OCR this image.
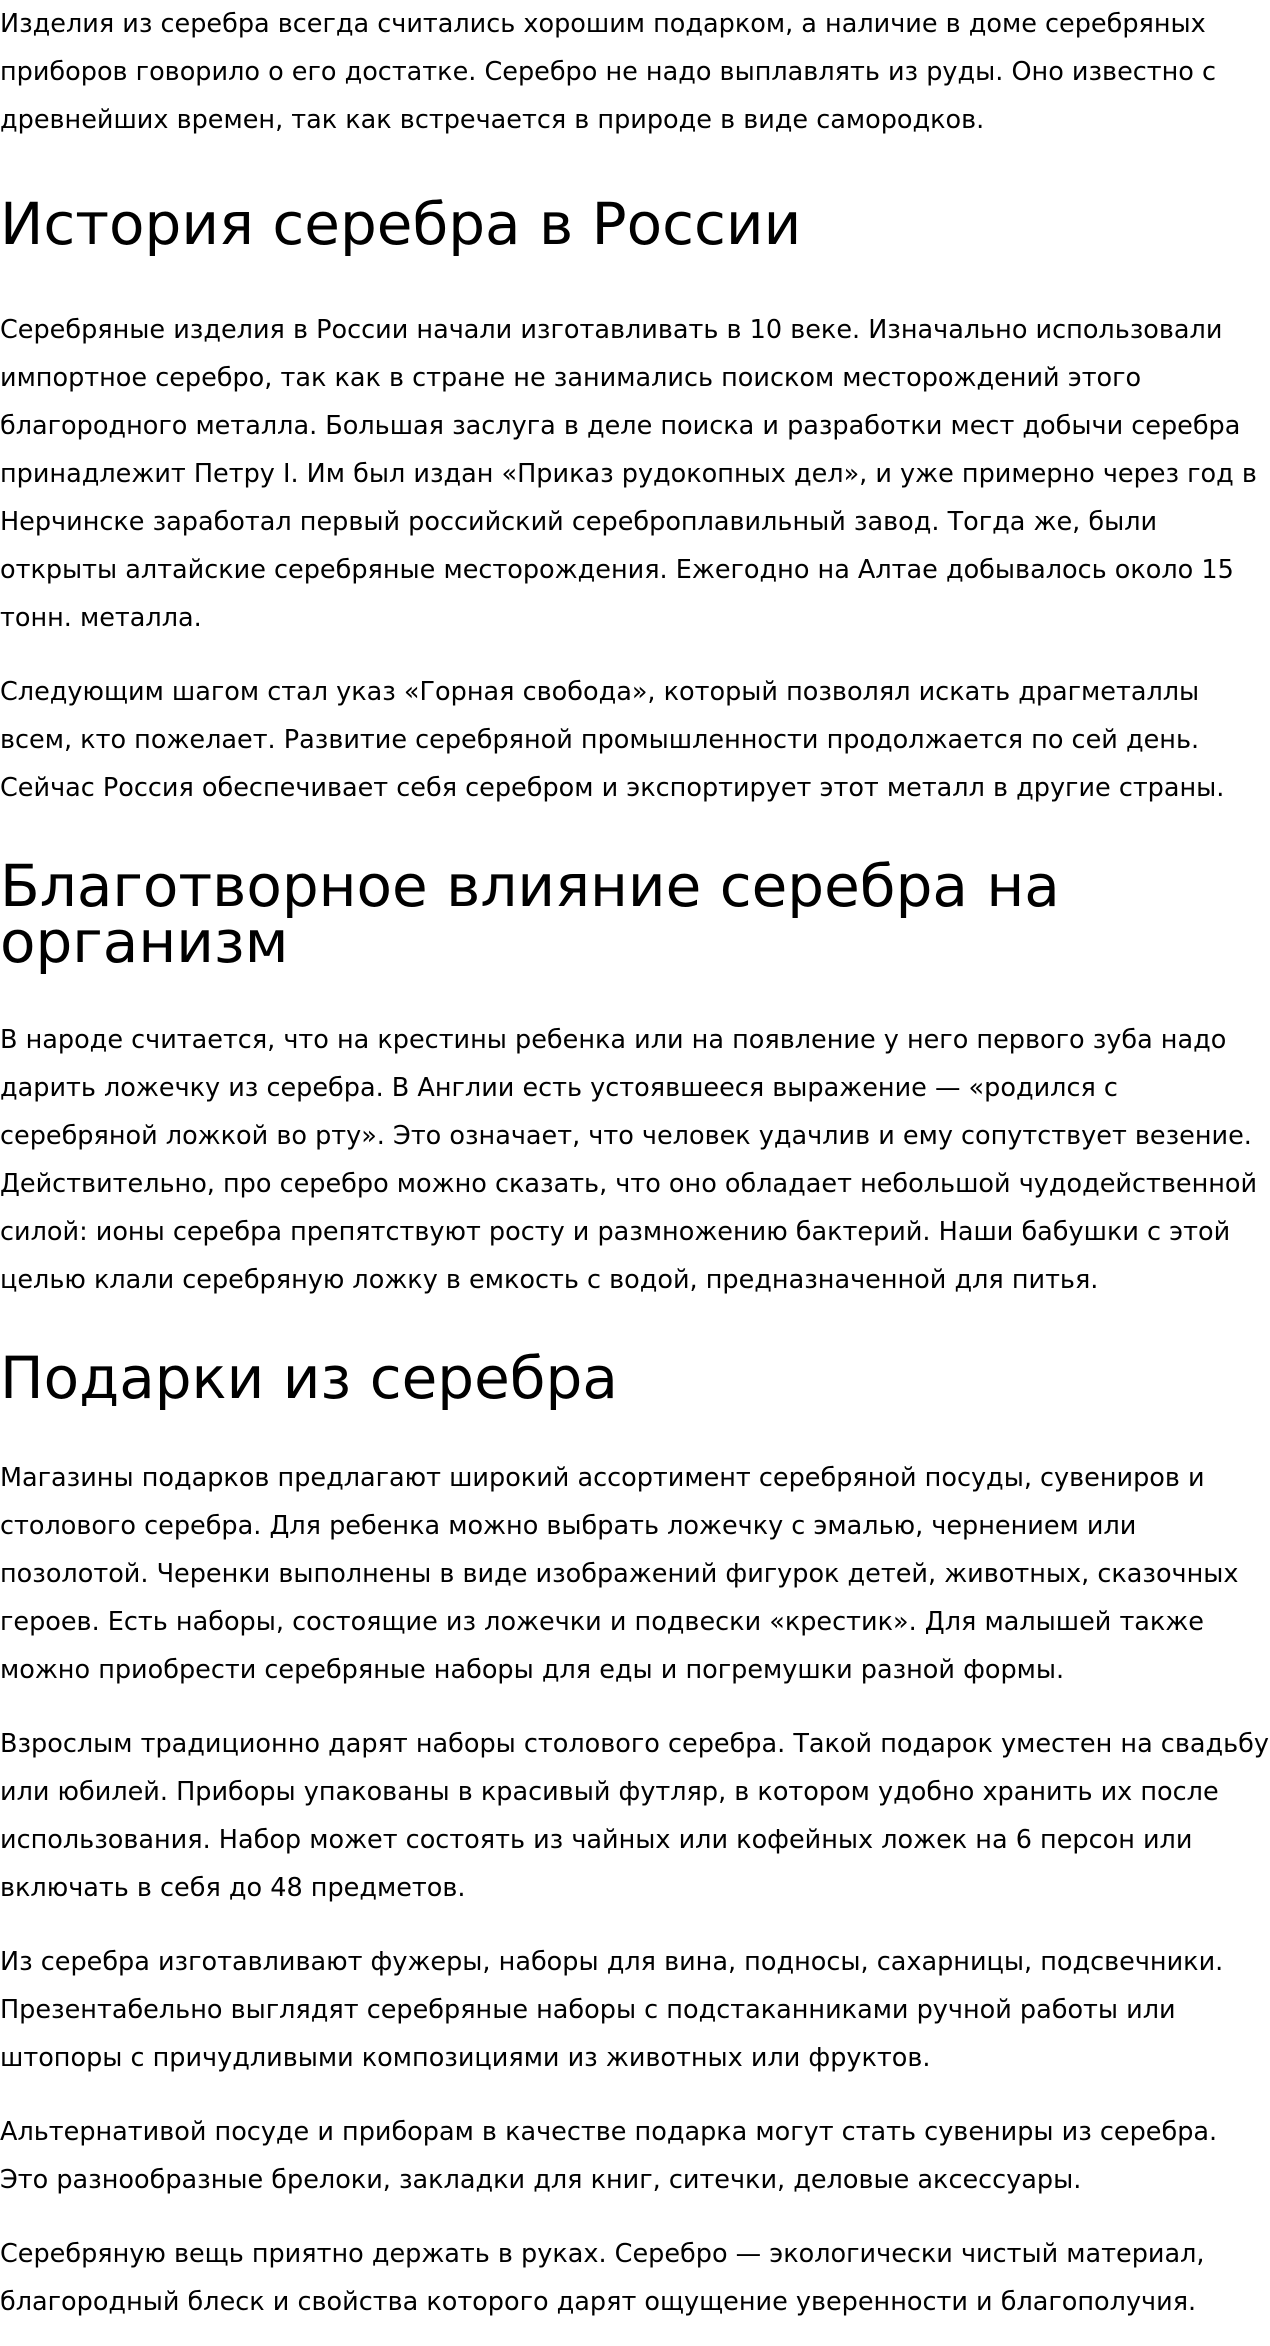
Изделия из серебра всегда считались хорошим подарком, а наличие в доме серебряных приборов говорило о его достатке. Серебро не надо выплавлять из руды. Оно известно с древнейших времен, так как встречается в природе в виде самородков.

История серебра в России

Серебряные изделия в России начали изготавливать в 10 веке. Изначально использовали импортное серебро, так как в стране не занимались поиском месторождений этого благородного металла. Большая заслуга в деле поиска и разработки мест добычи серебра принадлежит Петру I. Им был издан «Приказ рудокопных дел», и уже примерно через год в Нерчинске заработал первый российский сереброплавильный завод. Тогда же, были открыты алтайские серебряные месторождения. Ежегодно на Алтае добывалось около 15 тонн. металла.

Следующим шагом стал указ «Горная свобода», который позволял искать драгметаллы всем, кто пожелает. Развитие серебряной промышленности продолжается по сей день. Сейчас Россия обеспечивает себя серебром и экспортирует этот металл в другие страны.

Благотворное влияние серебра на организм

В народе считается, что на крестины ребенка или на появление у него первого зуба надо дарить ложечку из серебра. В Англии есть устоявшееся выражение — «родился с серебряной ложкой во рту». Это означает, что человек удачлив и ему сопутствует везение. Действительно, про серебро можно сказать, что оно обладает небольшой чудодейственной силой: ионы серебра препятствуют росту и размножению бактерий. Наши бабушки с этой целью клали серебряную ложку в емкость с водой, предназначенной для питья.

Подарки из серебра

Магазины подарков предлагают широкий ассортимент серебряной посуды, сувениров и столового серебра. Для ребенка можно выбрать ложечку с эмалью, чернением или позолотой. Черенки выполнены в виде изображений фигурок детей, животных, сказочных героев. Есть наборы, состоящие из ложечки и подвески «крестик». Для малышей также можно приобрести серебряные наборы для еды и погремушки разной формы.

Взрослым традиционно дарят наборы столового серебра. Такой подарок уместен на свадьбу или юбилей. Приборы упакованы в красивый футляр, в котором удобно хранить их после использования. Набор может состоять из чайных или кофейных ложек на 6 персон или включать в себя до 48 предметов.

Из серебра изготавливают фужеры, наборы для вина, подносы, сахарницы, подсвечники. Презентабельно выглядят серебряные наборы с подстаканниками ручной работы или штопоры с причудливыми композициями из животных или фруктов.

Альтернативой посуде и приборам в качестве подарка могут стать сувениры из серебра. Это разнообразные брелоки, закладки для книг, ситечки, деловые аксессуары.

Серебряную вещь приятно держать в руках. Серебро — экологически чистый материал, благородный блеск и свойства которого дарят ощущение уверенности и благополучия.
